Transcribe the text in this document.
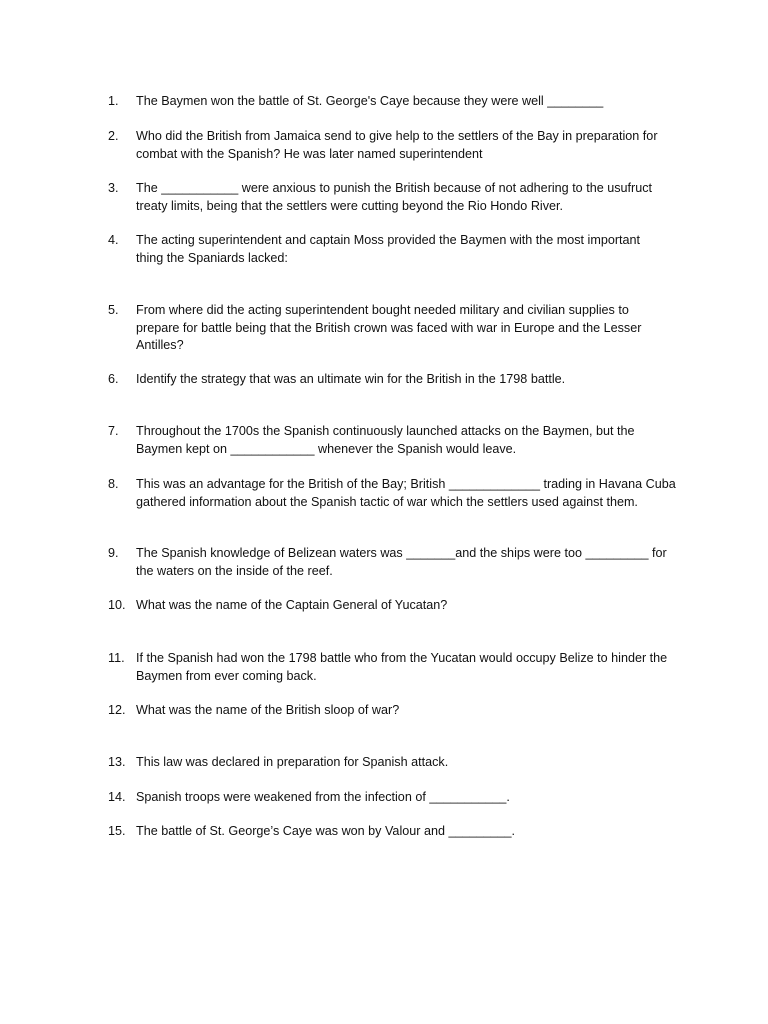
1.	The Baymen won the battle of St. George's Caye because they were well ________
2.	Who did the British from Jamaica send to give help to the settlers of the Bay in preparation for
combat with the Spanish? He was later named superintendent
3.	The ___________ were anxious to punish the British because of not adhering to the usufruct
treaty limits, being that the settlers were cutting beyond the Rio Hondo River.
4.	The acting superintendent and captain Moss provided the Baymen with the most important
thing the Spaniards lacked:
5.	From where did the acting superintendent bought needed military and civilian supplies to
prepare for battle being that the British crown was faced with war in Europe and the Lesser
Antilles?
6.	Identify the strategy that was an ultimate win for the British in the 1798 battle.
7.	Throughout the 1700s the Spanish continuously launched attacks on the Baymen, but the
Baymen kept on ____________ whenever the Spanish would leave.
8.	This was an advantage for the British of the Bay; British _____________ trading in Havana Cuba
gathered information about the Spanish tactic of war which the settlers used against them.
9.	The Spanish knowledge of Belizean waters was _______and the ships were too _________ for
the waters on the inside of the reef.
10. What was the name of the Captain General of Yucatan?
11. If the Spanish had won the 1798 battle who from the Yucatan would occupy Belize to hinder the
Baymen from ever coming back.
12. What was the name of the British sloop of war?
13. This law was declared in preparation for Spanish attack.
14. Spanish troops were weakened from the infection of ___________.
15. The battle of St. George’s Caye was won by Valour and _________.
